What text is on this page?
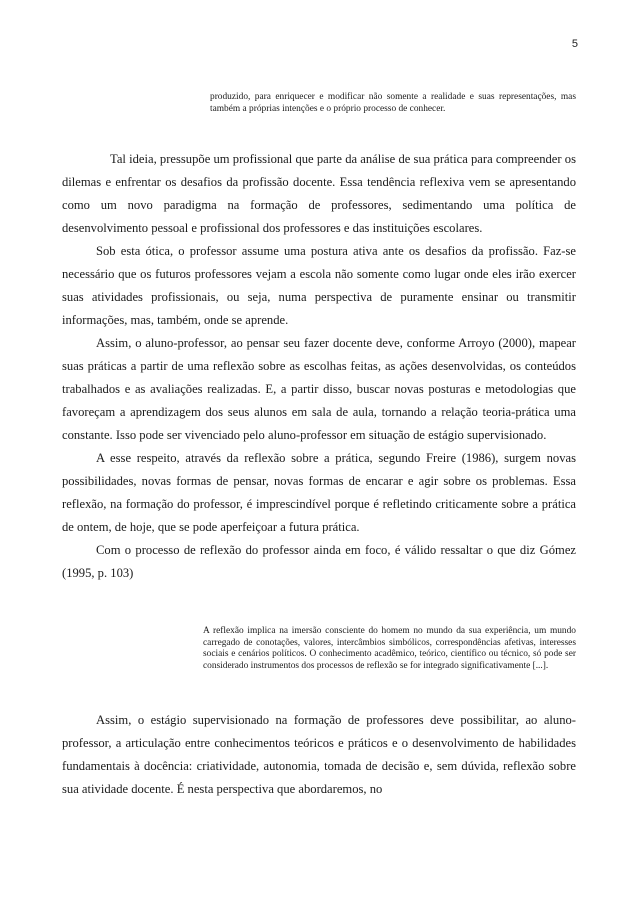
5

produzido, para enriquecer e modificar não somente a realidade e suas representações, mas também a próprias intenções e o próprio processo de conhecer.

Tal ideia, pressupõe um profissional que parte da análise de sua prática para compreender os dilemas e enfrentar os desafios da profissão docente. Essa tendência reflexiva vem se apresentando como um novo paradigma na formação de professores, sedimentando uma política de desenvolvimento pessoal e profissional dos professores e das instituições escolares.

Sob esta ótica, o professor assume uma postura ativa ante os desafios da profissão. Faz-se necessário que os futuros professores vejam a escola não somente como lugar onde eles irão exercer suas atividades profissionais, ou seja, numa perspectiva de puramente ensinar ou transmitir informações, mas, também, onde se aprende.

Assim, o aluno-professor, ao pensar seu fazer docente deve, conforme Arroyo (2000), mapear suas práticas a partir de uma reflexão sobre as escolhas feitas, as ações desenvolvidas, os conteúdos trabalhados e as avaliações realizadas. E, a partir disso, buscar novas posturas e metodologias que favoreçam a aprendizagem dos seus alunos em sala de aula, tornando a relação teoria-prática uma constante. Isso pode ser vivenciado pelo aluno-professor em situação de estágio supervisionado.

A esse respeito, através da reflexão sobre a prática, segundo Freire (1986), surgem novas possibilidades, novas formas de pensar, novas formas de encarar e agir sobre os problemas. Essa reflexão, na formação do professor, é imprescindível porque é refletindo criticamente sobre a prática de ontem, de hoje, que se pode aperfeiçoar a futura prática.

Com o processo de reflexão do professor ainda em foco, é válido ressaltar o que diz Gómez (1995, p. 103)

A reflexão implica na imersão consciente do homem no mundo da sua experiência, um mundo carregado de conotações, valores, intercâmbios simbólicos, correspondências afetivas, interesses sociais e cenários políticos. O conhecimento acadêmico, teórico, científico ou técnico, só pode ser considerado instrumentos dos processos de reflexão se for integrado significativamente [...].

Assim, o estágio supervisionado na formação de professores deve possibilitar, ao aluno-professor, a articulação entre conhecimentos teóricos e práticos e o desenvolvimento de habilidades fundamentais à docência: criatividade, autonomia, tomada de decisão e, sem dúvida, reflexão sobre sua atividade docente. É nesta perspectiva que abordaremos, no
